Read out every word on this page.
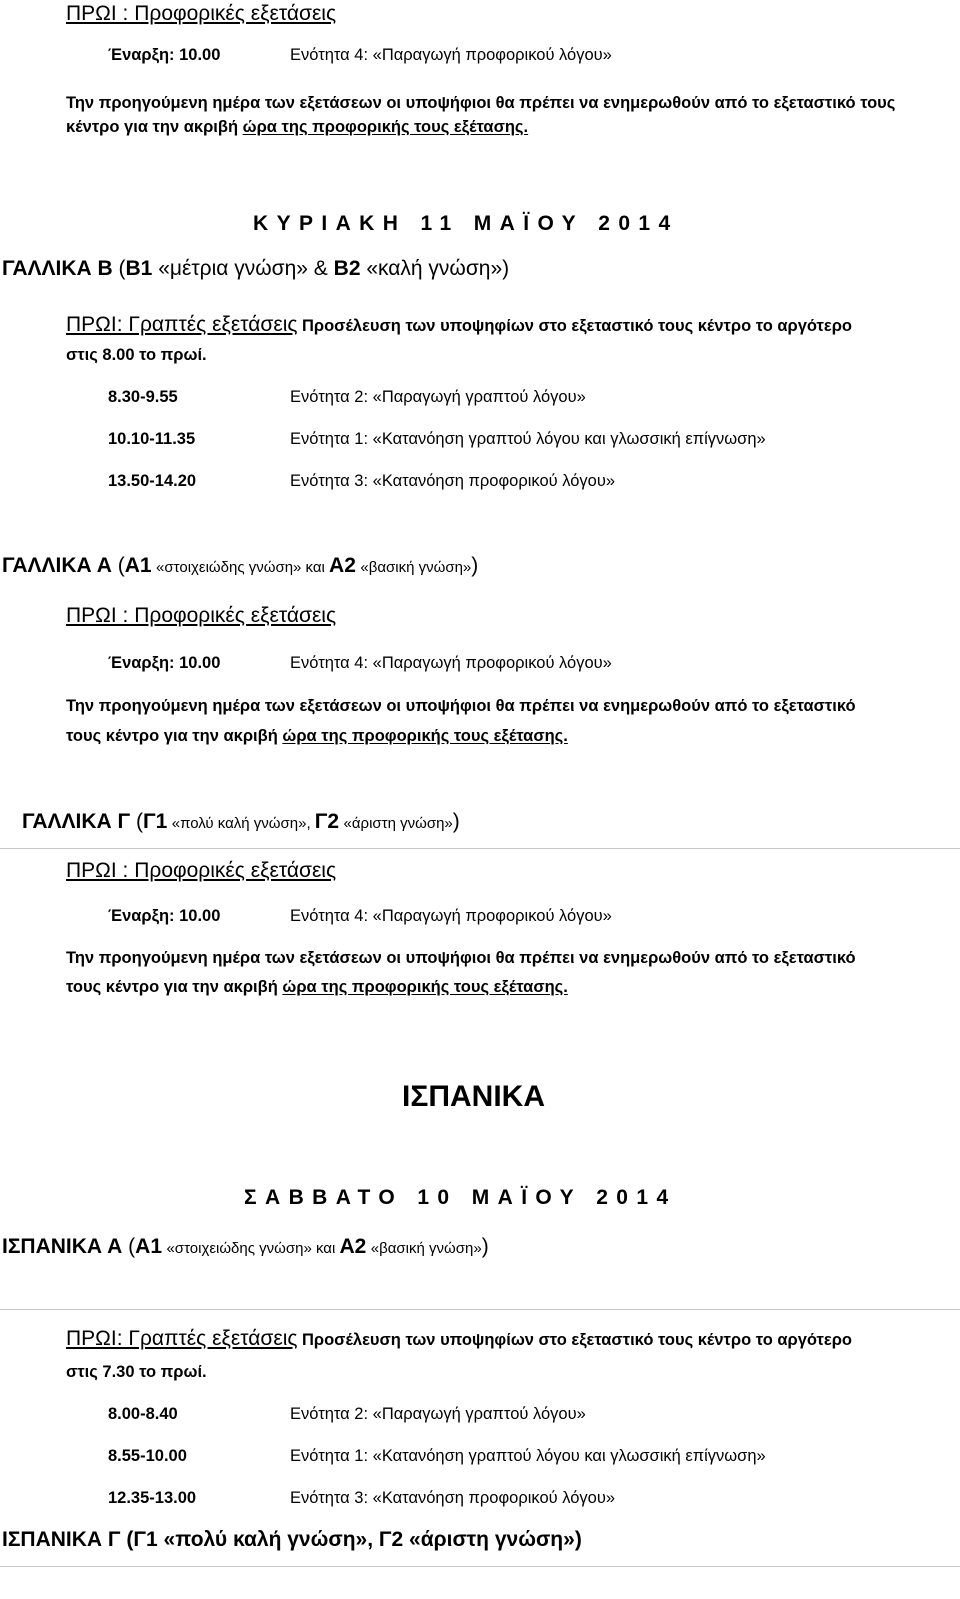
ΠΡΩΙ : Προφορικές εξετάσεις
Έναρξη: 10.00	Ενότητα 4: «Παραγωγή προφορικού λόγου»
Την προηγούμενη ημέρα των εξετάσεων οι υποψήφιοι θα πρέπει να ενημερωθούν από το εξεταστικό τους
κέντρο για την ακριβή ώρα της προφορικής τους εξέτασης.
ΚΥΡΙΑΚΗ 11 ΜΑΪΟΥ 2014
ΓΑΛΛΙΚΑ Β (Β1 «μέτρια γνώση» & Β2 «καλή γνώση»)
ΠΡΩΙ: Γραπτές εξετάσεις Προσέλευση των υποψηφίων στο εξεταστικό τους κέντρο το αργότερο
στις 8.00 το πρωί.
8.30-9.55	Ενότητα 2: «Παραγωγή γραπτού λόγου»
10.10-11.35	Ενότητα 1: «Κατανόηση γραπτού λόγου και γλωσσική επίγνωση»
13.50-14.20	Ενότητα 3: «Κατανόηση προφορικού λόγου»
ΓΑΛΛΙΚΑ Α (Α1 «στοιχειώδης γνώση» και Α2 «βασική γνώση»)
ΠΡΩΙ : Προφορικές εξετάσεις
Έναρξη: 10.00	Ενότητα 4: «Παραγωγή προφορικού λόγου»
Την προηγούμενη ημέρα των εξετάσεων οι υποψήφιοι θα πρέπει να ενημερωθούν από το εξεταστικό
τους κέντρο για την ακριβή ώρα της προφορικής τους εξέτασης.
ΓΑΛΛΙΚΑ Γ (Γ1 «πολύ καλή γνώση», Γ2 «άριστη γνώση»)
ΠΡΩΙ : Προφορικές εξετάσεις
Έναρξη: 10.00	Ενότητα 4: «Παραγωγή προφορικού λόγου»
Την προηγούμενη ημέρα των εξετάσεων οι υποψήφιοι θα πρέπει να ενημερωθούν από το εξεταστικό
τους κέντρο για την ακριβή ώρα της προφορικής τους εξέτασης.
ΙΣΠΑΝΙΚΑ
ΣΑΒΒΑΤΟ 10 ΜΑΪΟΥ 2014
ΙΣΠΑΝΙΚΑ Α (Α1 «στοιχειώδης γνώση» και Α2 «βασική γνώση»)
ΠΡΩΙ: Γραπτές εξετάσεις Προσέλευση των υποψηφίων στο εξεταστικό τους κέντρο το αργότερο
στις 7.30 το πρωί.
8.00-8.40	Ενότητα 2: «Παραγωγή γραπτού λόγου»
8.55-10.00	Ενότητα 1: «Κατανόηση γραπτού λόγου και γλωσσική επίγνωση»
12.35-13.00	Ενότητα 3: «Κατανόηση προφορικού λόγου»
ΙΣΠΑΝΙΚΑ Γ (Γ1 «πολύ καλή γνώση», Γ2 «άριστη γνώση»)
